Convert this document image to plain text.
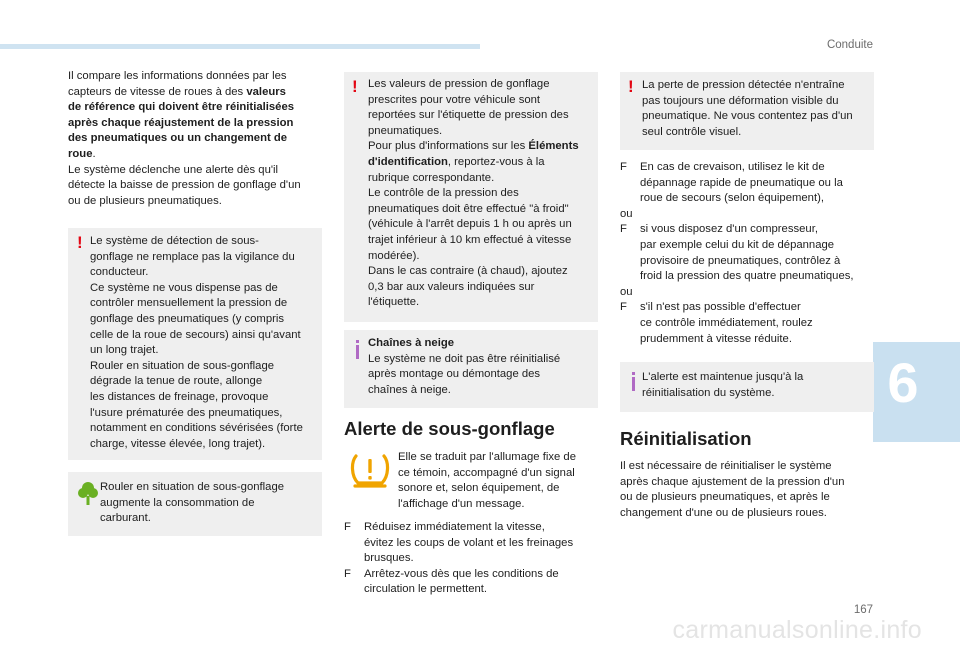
Conduite
6

Il compare les informations données par les

capteurs de vitesse de roues à des valeurs

de référence qui doivent être réinitialisées

après chaque réajustement de la pression

des pneumatiques ou un changement de

roue.

Le système déclenche une alerte dès qu'il

détecte la baisse de pression de gonflage d'un

ou de plusieurs pneumatiques.

! Le système de détection de sous-

gonflage ne remplace pas la vigilance du

conducteur.

Ce système ne vous dispense pas de

contrôler mensuellement la pression de

gonflage des pneumatiques (y compris

celle de la roue de secours) ainsi qu'avant

un long trajet.

Rouler en situation de sous-gonflage

dégrade la tenue de route, allonge

les distances de freinage, provoque

l'usure prématurée des pneumatiques,

notamment en conditions sévérisées (forte

charge, vitesse élevée, long trajet).

Rouler en situation de sous-gonflage

augmente la consommation de

carburant.

! Les valeurs de pression de gonflage

prescrites pour votre véhicule sont

reportées sur l'étiquette de pression des

pneumatiques.

Pour plus d'informations sur les Éléments

d'identification, reportez-vous à la

rubrique correspondante.

Le contrôle de la pression des

pneumatiques doit être effectué "à froid"

(véhicule à l'arrêt depuis 1 h ou après un

trajet inférieur à 10 km effectué à vitesse

modérée).

Dans le cas contraire (à chaud), ajoutez

0,3 bar aux valeurs indiquées sur

l'étiquette.

Chaînes à neige

Le système ne doit pas être réinitialisé

après montage ou démontage des

chaînes à neige.

Alerte de sous-gonflage

Elle se traduit par l'allumage fixe de

ce témoin, accompagné d'un signal

sonore et, selon équipement, de

l'affichage d'un message.

F	Réduisez immédiatement la vitesse,

évitez les coups de volant et les freinages

brusques.

F	Arrêtez-vous dès que les conditions de

circulation le permettent.

! La perte de pression détectée n'entraîne

pas toujours une déformation visible du

pneumatique. Ne vous contentez pas d'un

seul contrôle visuel.

F	En cas de crevaison, utilisez le kit de

dépannage rapide de pneumatique ou la

roue de secours (selon équipement),

ou

F	si vous disposez d'un compresseur,

par exemple celui du kit de dépannage

provisoire de pneumatiques, contrôlez à

froid la pression des quatre pneumatiques,

ou

F	s'il n'est pas possible d'effectuer

ce contrôle immédiatement, roulez

prudemment à vitesse réduite.

L'alerte est maintenue jusqu'à la

réinitialisation du système.

Réinitialisation

Il est nécessaire de réinitialiser le système

après chaque ajustement de la pression d'un

ou de plusieurs pneumatiques, et après le

changement d'une ou de plusieurs roues.

167
carmanualsonline.info
